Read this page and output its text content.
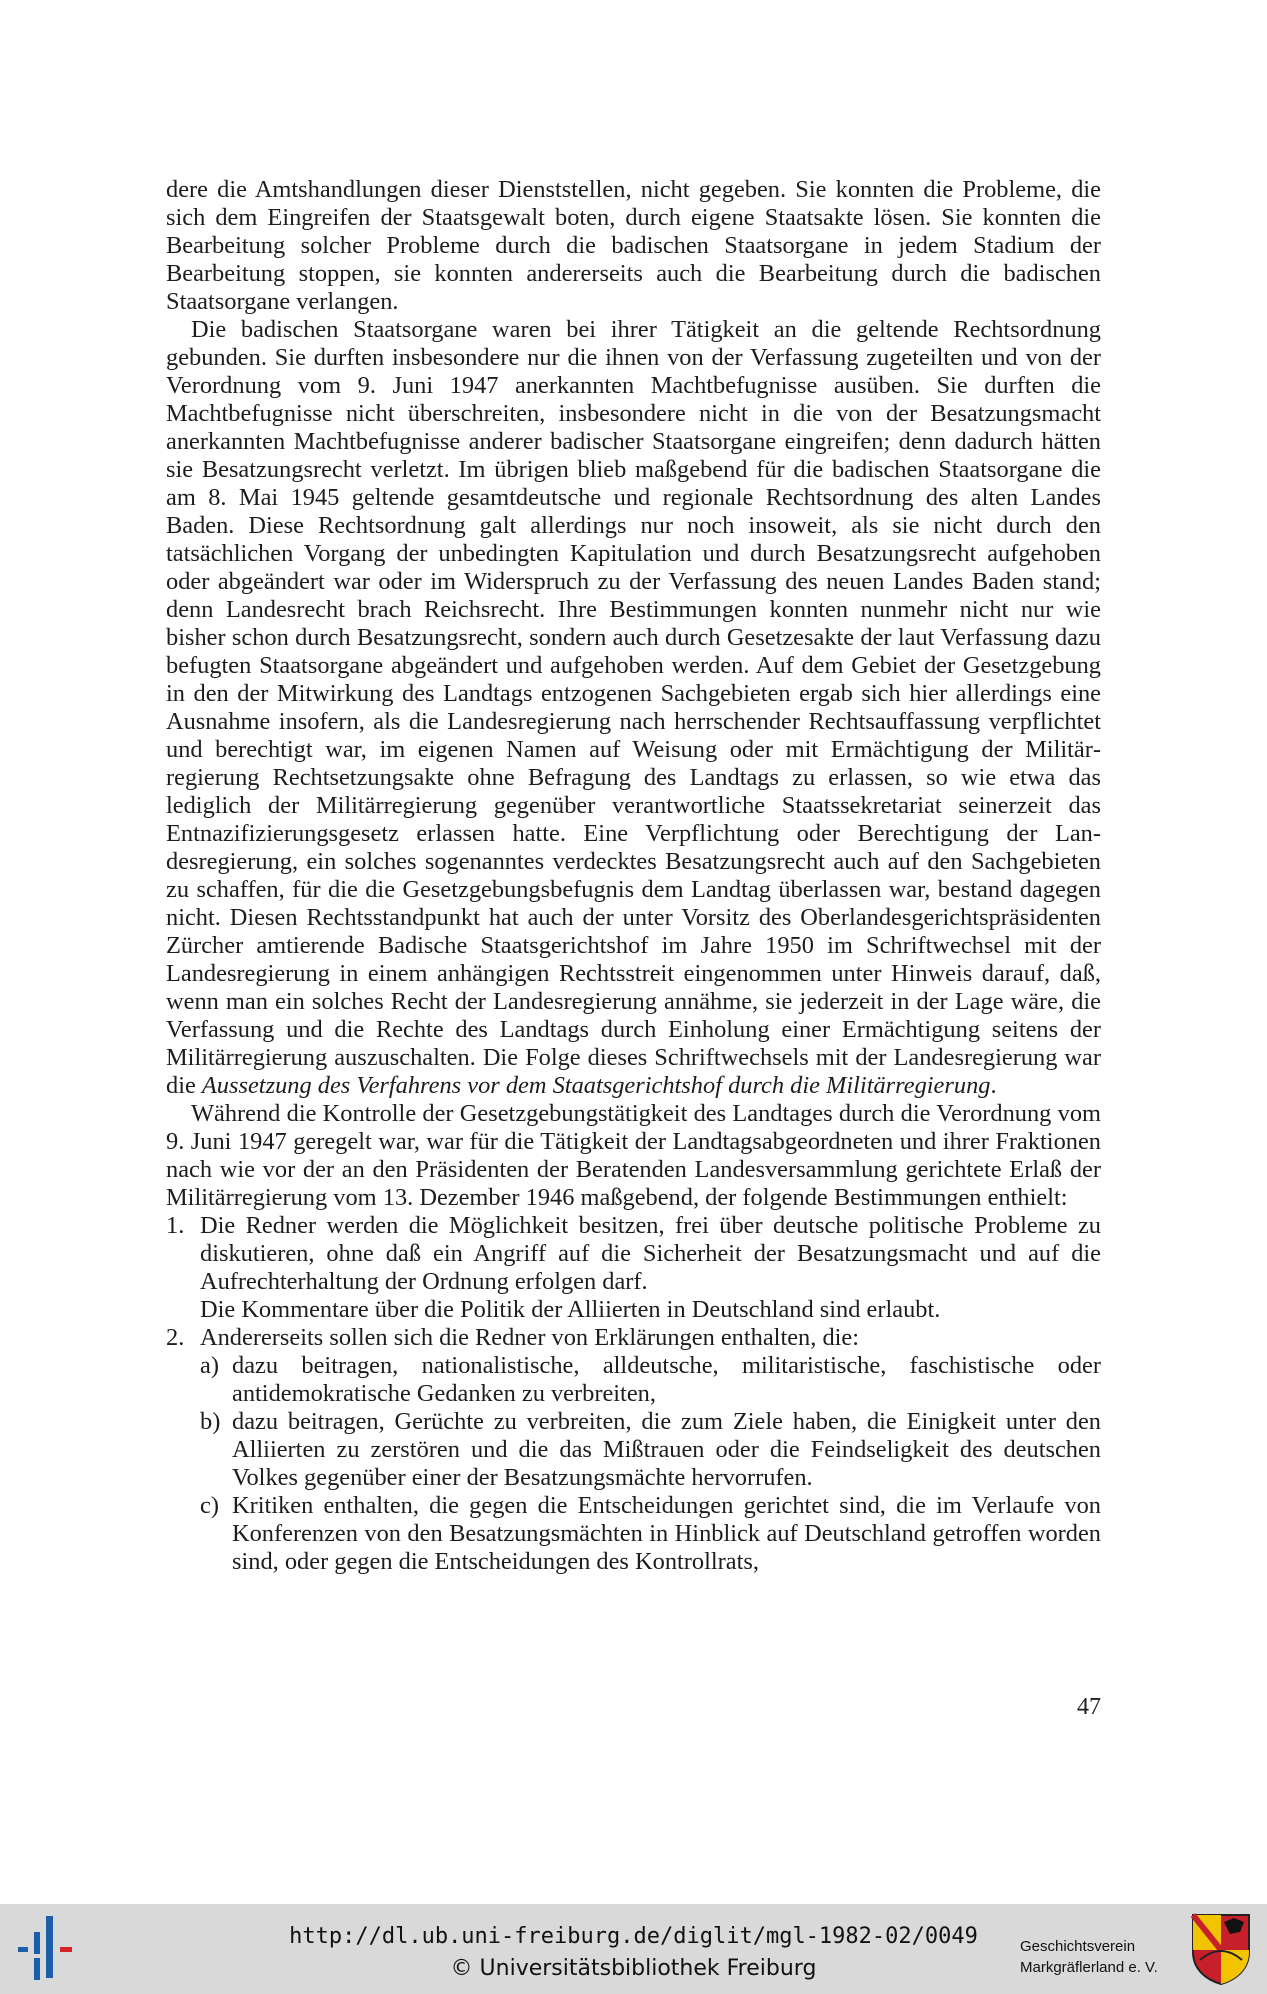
dere die Amtshandlungen dieser Dienststellen, nicht gegeben. Sie konnten die Probleme, die sich dem Eingreifen der Staatsgewalt boten, durch eigene Staatsakte lösen. Sie konnten die Bearbeitung solcher Probleme durch die badischen Staatsorgane in jedem Stadium der Bearbeitung stoppen, sie konnten andererseits auch die Bearbeitung durch die badischen Staatsorgane verlangen.

Die badischen Staatsorgane waren bei ihrer Tätigkeit an die geltende Rechtsordnung gebunden. Sie durften insbesondere nur die ihnen von der Verfassung zugeteilten und von der Verordnung vom 9. Juni 1947 anerkannten Machtbefugnisse ausüben. Sie durften die Machtbefugnisse nicht überschreiten, insbesondere nicht in die von der Besatzungsmacht anerkannten Machtbefugnisse anderer badischer Staatsorgane eingreifen; denn dadurch hätten sie Besatzungsrecht verletzt. Im übrigen blieb maßgebend für die badischen Staatsorgane die am 8. Mai 1945 geltende gesamtdeutsche und regionale Rechtsordnung des alten Landes Baden. Diese Rechtsordnung galt allerdings nur noch insoweit, als sie nicht durch den tatsächlichen Vorgang der unbedingten Kapitulation und durch Besatzungsrecht aufgehoben oder abgeändert war oder im Widerspruch zu der Verfassung des neuen Landes Baden stand; denn Landesrecht brach Reichsrecht. Ihre Bestimmungen konnten nunmehr nicht nur wie bisher schon durch Besatzungsrecht, sondern auch durch Gesetzesakte der laut Verfassung dazu befugten Staatsorgane abgeändert und aufgehoben werden. Auf dem Gebiet der Gesetzgebung in den der Mitwirkung des Landtags entzogenen Sachgebieten ergab sich hier allerdings eine Ausnahme insofern, als die Landesregierung nach herrschender Rechtsauffassung verpflichtet und berechtigt war, im eigenen Namen auf Weisung oder mit Ermächtigung der Militärregierung Rechtsetzungsakte ohne Befragung des Landtags zu erlassen, so wie etwa das lediglich der Militärregierung gegenüber verantwortliche Staatssekretariat seinerzeit das Entnazifizierungsgesetz erlassen hatte. Eine Verpflichtung oder Berechtigung der Landesregierung, ein solches sogenanntes verdecktes Besatzungsrecht auch auf den Sachgebieten zu schaffen, für die die Gesetzgebungsbefugnis dem Landtag überlassen war, bestand dagegen nicht. Diesen Rechtsstandpunkt hat auch der unter Vorsitz des Oberlandesgerichtspräsidenten Zürcher amtierende Badische Staatsgerichtshof im Jahre 1950 im Schriftwechsel mit der Landesregierung in einem anhängigen Rechtsstreit eingenommen unter Hinweis darauf, daß, wenn man ein solches Recht der Landesregierung annähme, sie jederzeit in der Lage wäre, die Verfassung und die Rechte des Landtags durch Einholung einer Ermächtigung seitens der Militärregierung auszuschalten. Die Folge dieses Schriftwechsels mit der Landesregierung war die Aussetzung des Verfahrens vor dem Staatsgerichtshof durch die Militärregierung.

Während die Kontrolle der Gesetzgebungstätigkeit des Landtages durch die Verordnung vom 9. Juni 1947 geregelt war, war für die Tätigkeit der Landtagsabgeordneten und ihrer Fraktionen nach wie vor der an den Präsidenten der Beratenden Landesversammlung gerichtete Erlaß der Militärregierung vom 13. Dezember 1946 maßgebend, der folgende Bestimmungen enthielt:

1. Die Redner werden die Möglichkeit besitzen, frei über deutsche politische Probleme zu diskutieren, ohne daß ein Angriff auf die Sicherheit der Besatzungsmacht und auf die Aufrechterhaltung der Ordnung erfolgen darf.

Die Kommentare über die Politik der Alliierten in Deutschland sind erlaubt.

2. Andererseits sollen sich die Redner von Erklärungen enthalten, die:

a) dazu beitragen, nationalistische, alldeutsche, militaristische, faschistische oder antidemokratische Gedanken zu verbreiten,

b) dazu beitragen, Gerüchte zu verbreiten, die zum Ziele haben, die Einigkeit unter den Alliierten zu zerstören und die das Mißtrauen oder die Feindseligkeit des deutschen Volkes gegenüber einer der Besatzungsmächte hervorrufen.

c) Kritiken enthalten, die gegen die Entscheidungen gerichtet sind, die im Verlaufe von Konferenzen von den Besatzungsmächten in Hinblick auf Deutschland getroffen worden sind, oder gegen die Entscheidungen des Kontrollrats,

47
http://dl.ub.uni-freiburg.de/diglit/mgl-1982-02/0049
© Universitätsbibliothek Freiburg
Geschichtsverein
Markgräflerland e. V.
